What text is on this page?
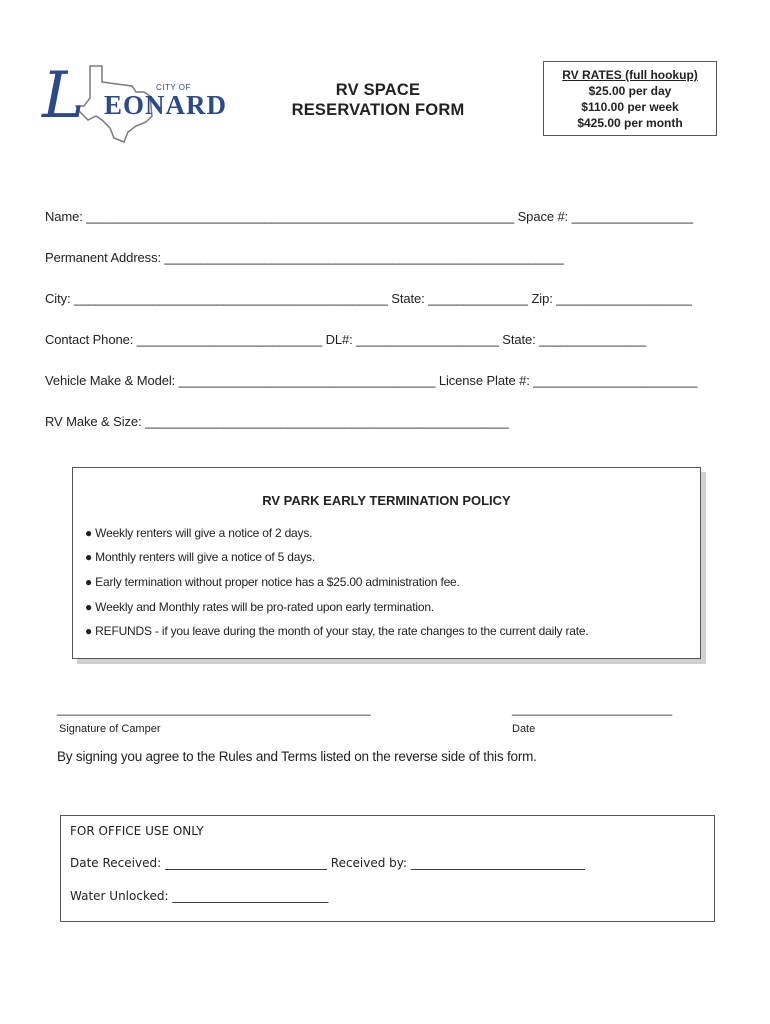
L	CITY OF
EONARD	RV SPACE
RESERVATION FORM
RV RATES (full hookup)
$25.00 per day
$110.00 per week
$425.00 per month
Name: ____________________________________________________________ Space #: _________________
Permanent Address: ________________________________________________________
City: ____________________________________________ State: ______________ Zip: ___________________
Contact Phone: __________________________ DL#: ____________________ State: _______________
Vehicle Make & Model: ____________________________________ License Plate #: _______________________
RV Make & Size: ___________________________________________________
RV PARK EARLY TERMINATION POLICY
● Weekly renters will give a notice of 2 days.
● Monthly renters will give a notice of 5 days.
● Early termination without proper notice has a $25.00 administration fee.
● Weekly and Monthly rates will be pro-rated upon early termination.
● REFUNDS - if you leave during the month of your stay, the rate changes to the current daily rate.
_______________________________________________
Signature of Camper
________________________
Date
By signing you agree to the Rules and Terms listed on the reverse side of this form.
FOR OFFICE USE ONLY
Date Received: ___________________________ Received by: _____________________________
Water Unlocked: __________________________
